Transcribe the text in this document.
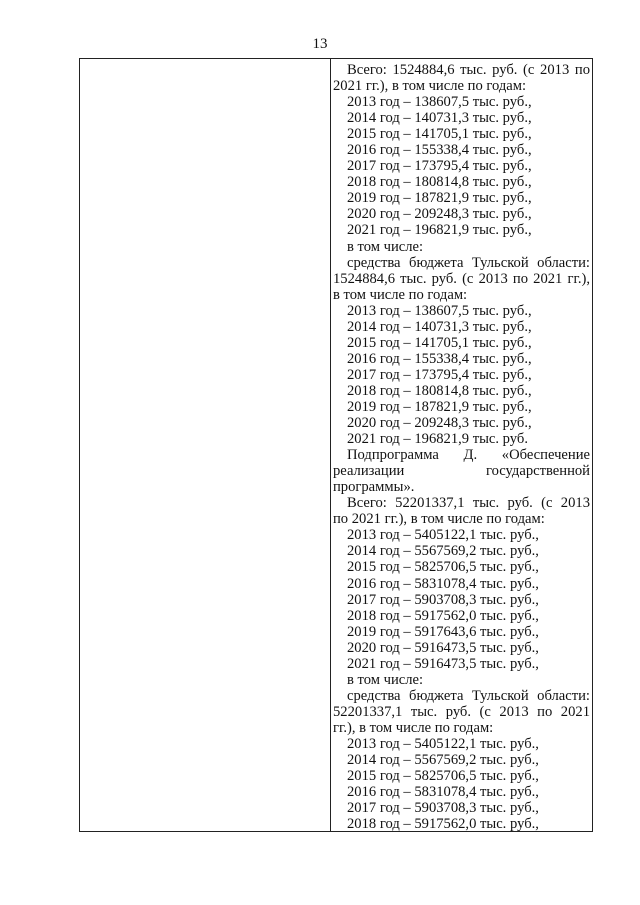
13
Всего: 1524884,6 тыс. руб. (с 2013 по
2021 гг.), в том числе по годам:
2013 год – 138607,5 тыс. руб.,
2014 год – 140731,3 тыс. руб.,
2015 год – 141705,1 тыс. руб.,
2016 год – 155338,4 тыс. руб.,
2017 год – 173795,4 тыс. руб.,
2018 год – 180814,8 тыс. руб.,
2019 год – 187821,9 тыс. руб.,
2020 год – 209248,3 тыс. руб.,
2021 год – 196821,9 тыс. руб.,
в том числе:
средства бюджета Тульской области:
1524884,6 тыс. руб. (с 2013 по 2021 гг.),
в том числе по годам:
2013 год – 138607,5 тыс. руб.,
2014 год – 140731,3 тыс. руб.,
2015 год – 141705,1 тыс. руб.,
2016 год – 155338,4 тыс. руб.,
2017 год – 173795,4 тыс. руб.,
2018 год – 180814,8 тыс. руб.,
2019 год – 187821,9 тыс. руб.,
2020 год – 209248,3 тыс. руб.,
2021 год – 196821,9 тыс. руб.
Подпрограмма Д. «Обеспечение
реализации государственной
программы».
Всего: 52201337,1 тыс. руб. (с 2013
по 2021 гг.), в том числе по годам:
2013 год – 5405122,1 тыс. руб.,
2014 год – 5567569,2 тыс. руб.,
2015 год – 5825706,5 тыс. руб.,
2016 год – 5831078,4 тыс. руб.,
2017 год – 5903708,3 тыс. руб.,
2018 год – 5917562,0 тыс. руб.,
2019 год – 5917643,6 тыс. руб.,
2020 год – 5916473,5 тыс. руб.,
2021 год – 5916473,5 тыс. руб.,
в том числе:
средства бюджета Тульской области:
52201337,1 тыс. руб. (с 2013 по 2021
гг.), в том числе по годам:
2013 год – 5405122,1 тыс. руб.,
2014 год – 5567569,2 тыс. руб.,
2015 год – 5825706,5 тыс. руб.,
2016 год – 5831078,4 тыс. руб.,
2017 год – 5903708,3 тыс. руб.,
2018 год – 5917562,0 тыс. руб.,
